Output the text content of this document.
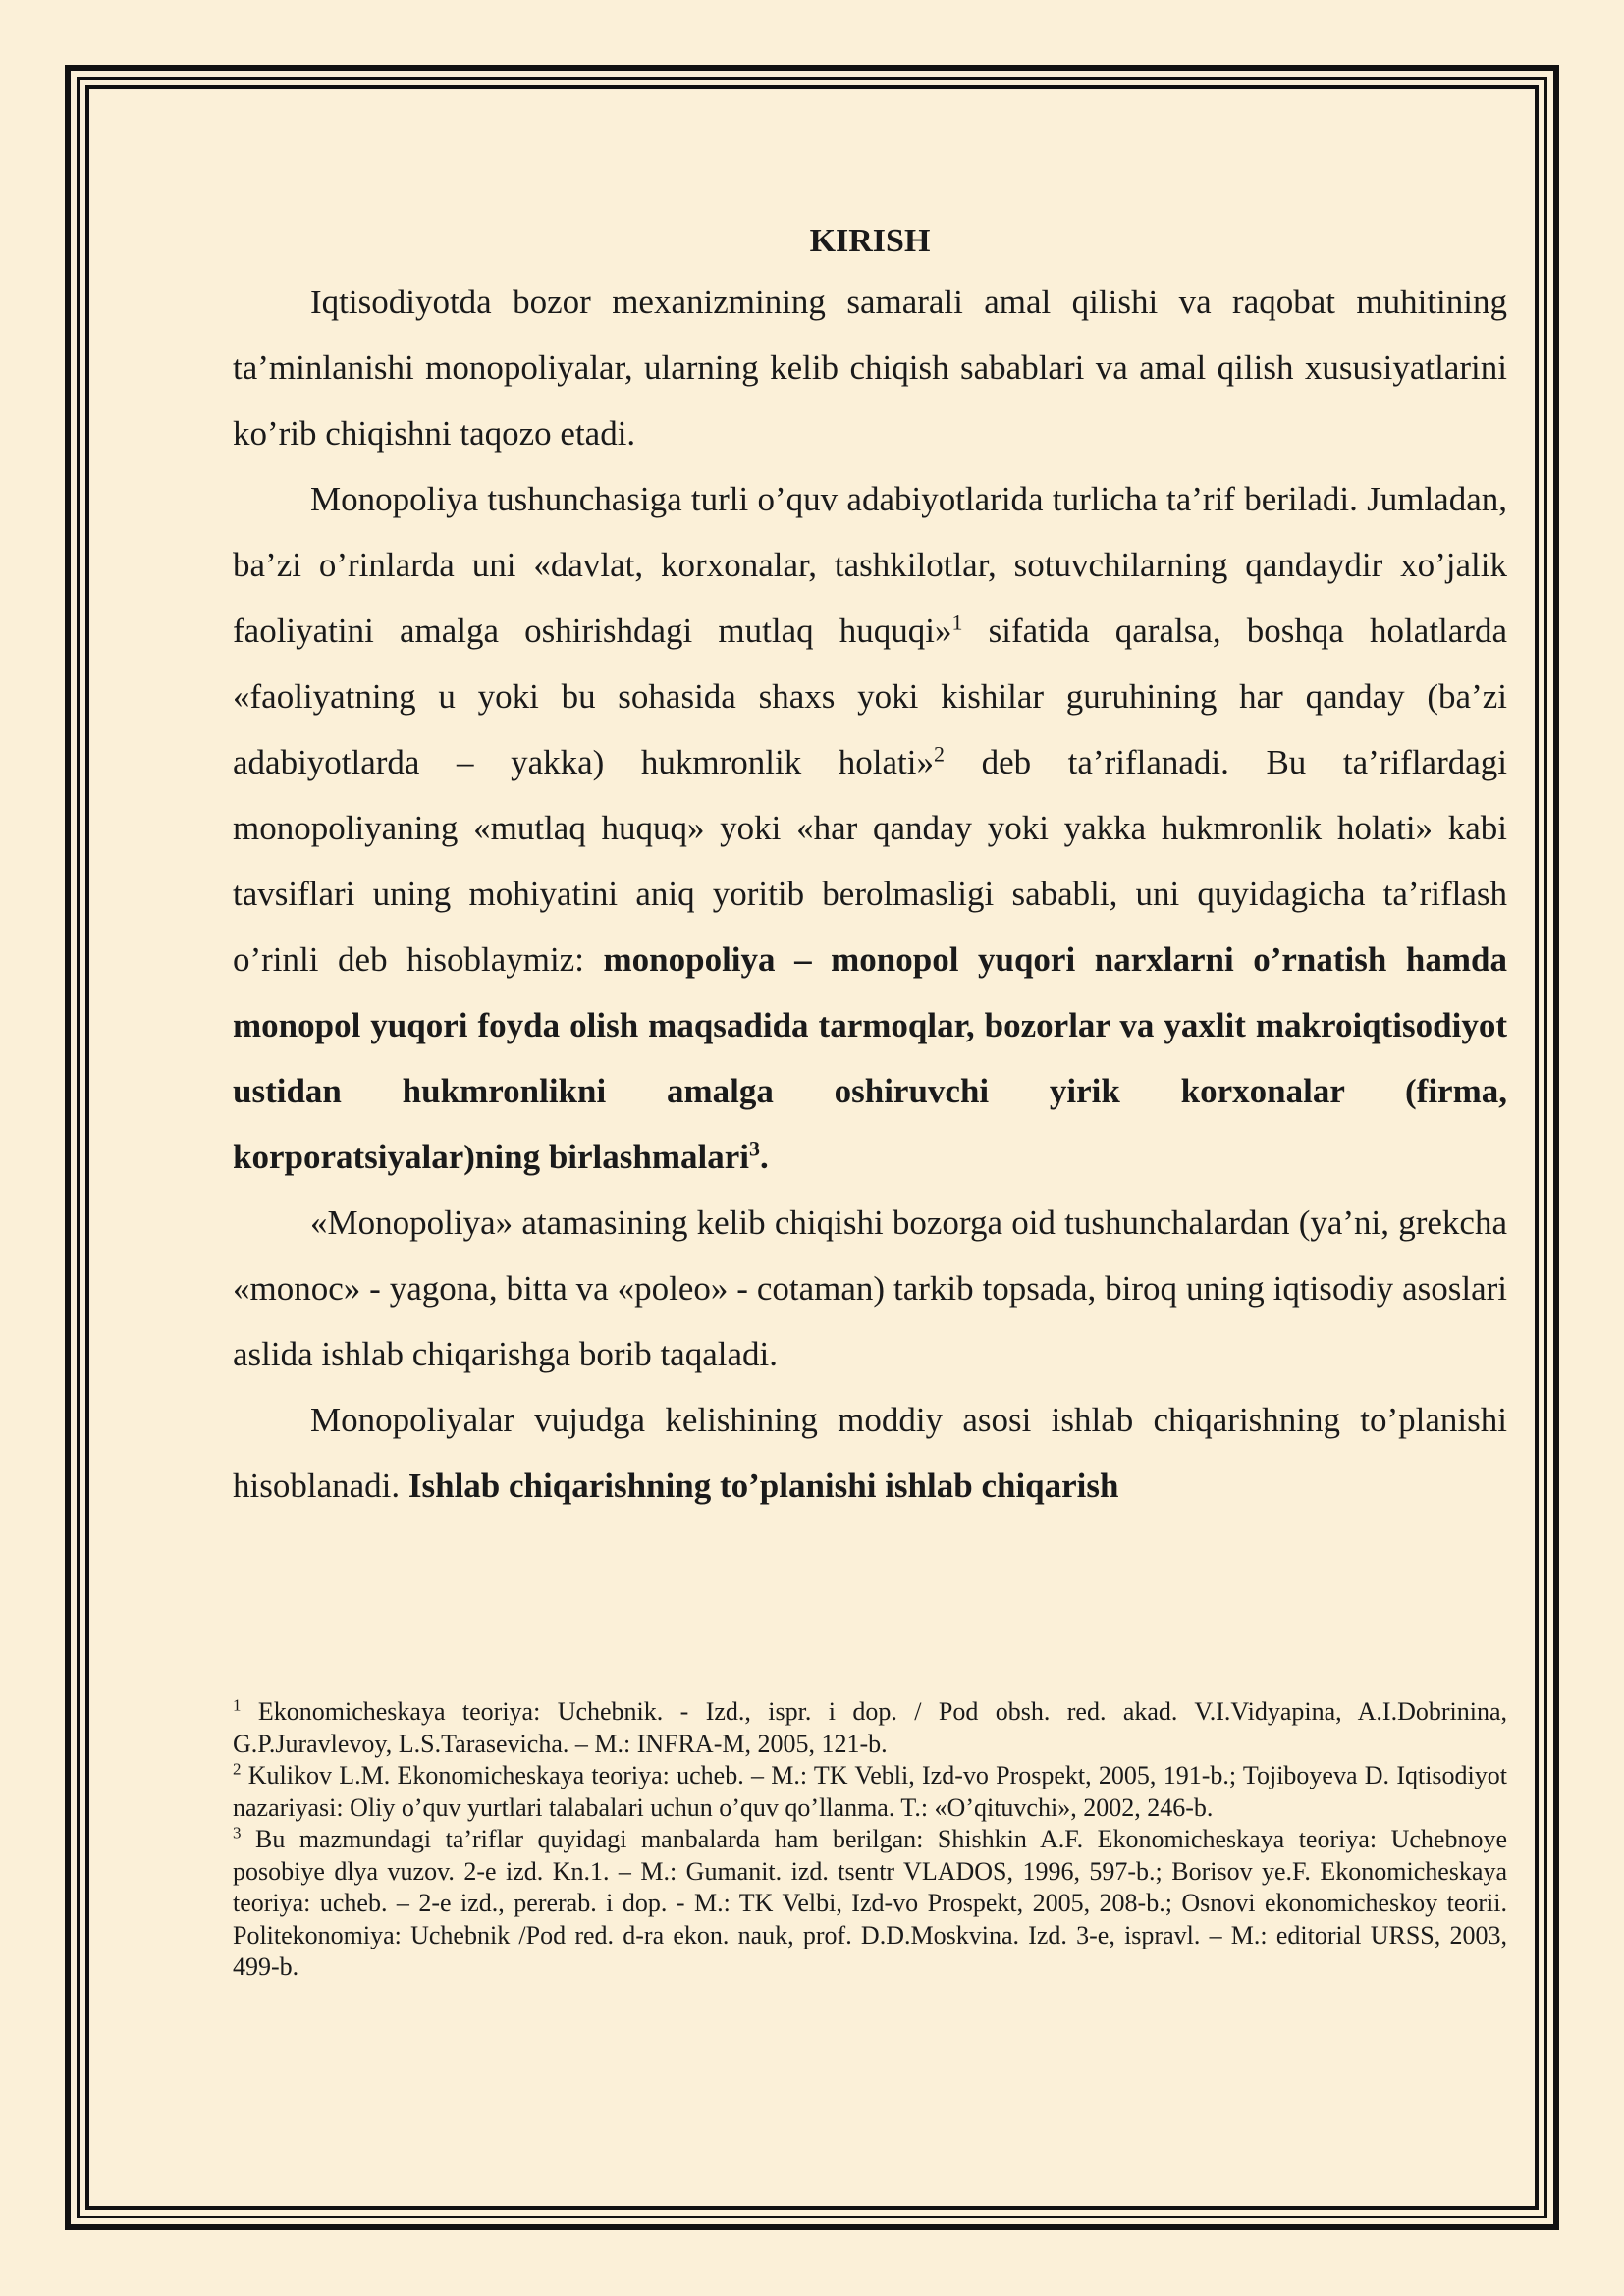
KIRISH

Iqtisodiyotda bozor mexanizmining samarali amal qilishi va raqobat muhitining ta’minlanishi monopoliyalar, ularning kelib chiqish sabablari va amal qilish xususiyatlarini ko’rib chiqishni taqozo etadi.

Monopoliya tushunchasiga turli o’quv adabiyotlarida turlicha ta’rif beriladi. Jumladan, ba’zi o’rinlarda uni «davlat, korxonalar, tashkilotlar, sotuvchilarning qandaydir xo’jalik faoliyatini amalga oshirishdagi mutlaq huquqi»$^1$ sifatida qaralsa, boshqa holatlarda «faoliyatning u yoki bu sohasida shaxs yoki kishilar guruhining har qanday (ba’zi adabiyotlarda – yakka) hukmronlik holati»$^2$ deb ta’riflanadi. Bu ta’riflardagi monopoliyaning «mutlaq huquq» yoki «har qanday yoki yakka hukmronlik holati» kabi tavsiflari uning mohiyatini aniq yoritib berolmasligi sababli, uni quyidagicha ta’riflash o’rinli deb hisoblaymiz: monopoliya – monopol yuqori narxlarni o’rnatish hamda monopol yuqori foyda olish maqsadida tarmoqlar, bozorlar va yaxlit makroiqtisodiyot ustidan hukmronlikni amalga oshiruvchi yirik korxonalar (firma, korporatsiyalar)ning birlashmalari$^3$.

«Monopoliya» atamasining kelib chiqishi bozorga oid tushunchalardan (ya’ni, grekcha «monoc» - yagona, bitta va «poleo» - cotaman) tarkib topsada, biroq uning iqtisodiy asoslari aslida ishlab chiqarishga borib taqaladi.

Monopoliyalar vujudga kelishining moddiy asosi ishlab chiqarishning to’planishi hisoblanadi. Ishlab chiqarishning to’planishi ishlab chiqarish

$^1$ Ekonomicheskaya teoriya: Uchebnik. - Izd., ispr. i dop. / Pod obsh. red. akad. V.I.Vidyapina, A.I.Dobrinina, G.P.Juravlevoy, L.S.Tarasevicha. – M.: INFRA-M, 2005, 121-b.

$^2$ Kulikov L.M. Ekonomicheskaya teoriya: ucheb. – M.: TK Vebli, Izd-vo Prospekt, 2005, 191-b.; Tojiboyeva D. Iqtisodiyot nazariyasi: Oliy o’quv yurtlari talabalari uchun o’quv qo’llanma. T.: «O’qituvchi», 2002, 246-b.

$^3$ Bu mazmundagi ta’riflar quyidagi manbalarda ham berilgan: Shishkin A.F. Ekonomicheskaya teoriya: Uchebnoye posobiye dlya vuzov. 2-e izd. Kn.1. – M.: Gumanit. izd. tsentr VLADOS, 1996, 597-b.; Borisov ye.F. Ekonomicheskaya teoriya: ucheb. – 2-e izd., pererab. i dop. - M.: TK Velbi, Izd-vo Prospekt, 2005, 208-b.; Osnovi ekonomicheskoy teorii. Politekonomiya: Uchebnik /Pod red. d-ra ekon. nauk, prof. D.D.Moskvina. Izd. 3-e, ispravl. – M.: editorial URSS, 2003, 499-b.
